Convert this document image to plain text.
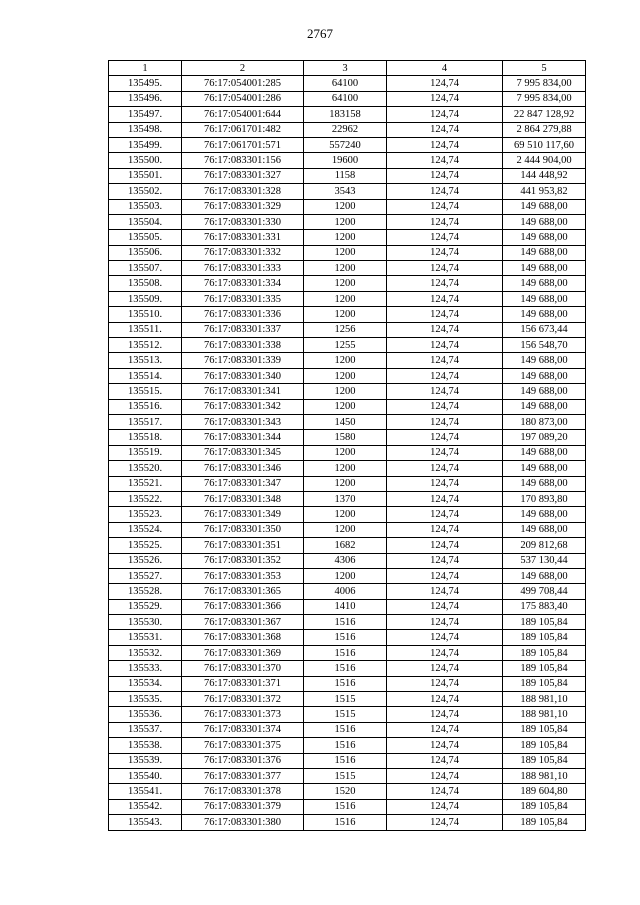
2767
1	2	3	4	5
135495.	76:17:054001:285	64100	124,74	7 995 834,00
135496.	76:17:054001:286	64100	124,74	7 995 834,00
135497.	76:17:054001:644	183158	124,74	22 847 128,92
135498.	76:17:061701:482	22962	124,74	2 864 279,88
135499.	76:17:061701:571	557240	124,74	69 510 117,60
135500.	76:17:083301:156	19600	124,74	2 444 904,00
135501.	76:17:083301:327	1158	124,74	144 448,92
135502.	76:17:083301:328	3543	124,74	441 953,82
135503.	76:17:083301:329	1200	124,74	149 688,00
135504.	76:17:083301:330	1200	124,74	149 688,00
135505.	76:17:083301:331	1200	124,74	149 688,00
135506.	76:17:083301:332	1200	124,74	149 688,00
135507.	76:17:083301:333	1200	124,74	149 688,00
135508.	76:17:083301:334	1200	124,74	149 688,00
135509.	76:17:083301:335	1200	124,74	149 688,00
135510.	76:17:083301:336	1200	124,74	149 688,00
135511.	76:17:083301:337	1256	124,74	156 673,44
135512.	76:17:083301:338	1255	124,74	156 548,70
135513.	76:17:083301:339	1200	124,74	149 688,00
135514.	76:17:083301:340	1200	124,74	149 688,00
135515.	76:17:083301:341	1200	124,74	149 688,00
135516.	76:17:083301:342	1200	124,74	149 688,00
135517.	76:17:083301:343	1450	124,74	180 873,00
135518.	76:17:083301:344	1580	124,74	197 089,20
135519.	76:17:083301:345	1200	124,74	149 688,00
135520.	76:17:083301:346	1200	124,74	149 688,00
135521.	76:17:083301:347	1200	124,74	149 688,00
135522.	76:17:083301:348	1370	124,74	170 893,80
135523.	76:17:083301:349	1200	124,74	149 688,00
135524.	76:17:083301:350	1200	124,74	149 688,00
135525.	76:17:083301:351	1682	124,74	209 812,68
135526.	76:17:083301:352	4306	124,74	537 130,44
135527.	76:17:083301:353	1200	124,74	149 688,00
135528.	76:17:083301:365	4006	124,74	499 708,44
135529.	76:17:083301:366	1410	124,74	175 883,40
135530.	76:17:083301:367	1516	124,74	189 105,84
135531.	76:17:083301:368	1516	124,74	189 105,84
135532.	76:17:083301:369	1516	124,74	189 105,84
135533.	76:17:083301:370	1516	124,74	189 105,84
135534.	76:17:083301:371	1516	124,74	189 105,84
135535.	76:17:083301:372	1515	124,74	188 981,10
135536.	76:17:083301:373	1515	124,74	188 981,10
135537.	76:17:083301:374	1516	124,74	189 105,84
135538.	76:17:083301:375	1516	124,74	189 105,84
135539.	76:17:083301:376	1516	124,74	189 105,84
135540.	76:17:083301:377	1515	124,74	188 981,10
135541.	76:17:083301:378	1520	124,74	189 604,80
135542.	76:17:083301:379	1516	124,74	189 105,84
135543.	76:17:083301:380	1516	124,74	189 105,84
